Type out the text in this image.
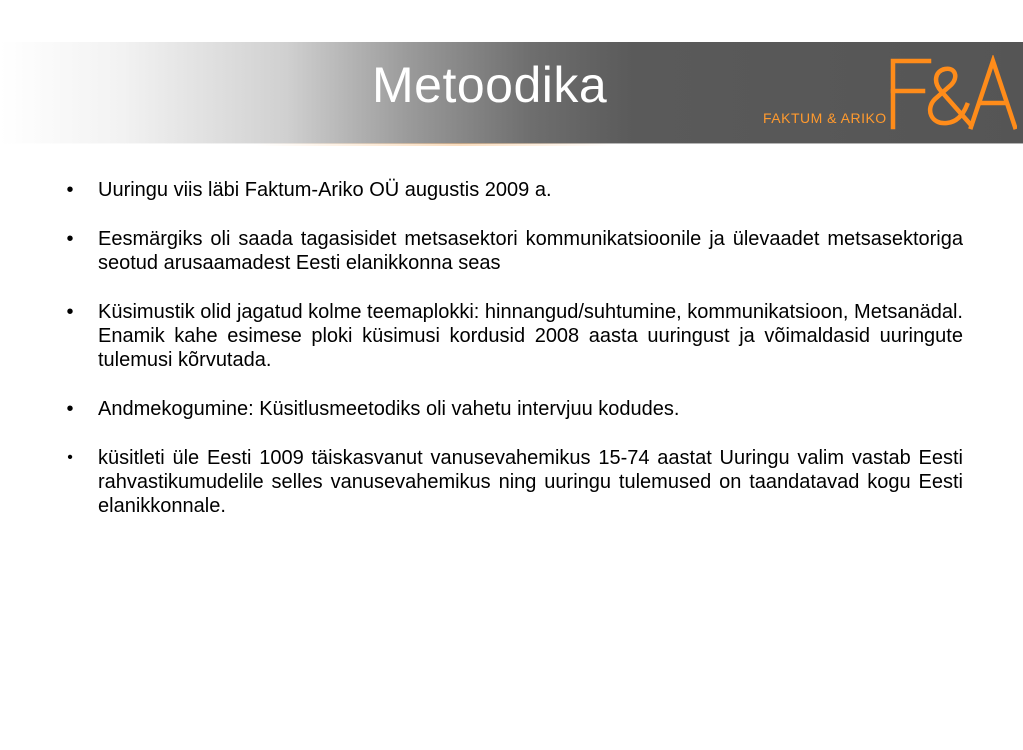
Metoodika
FAKTUM & ARIKO
•	Uuringu viis läbi Faktum-Ariko OÜ augustis 2009 a.
•	Eesmärgiks oli saada tagasisidet metsasektori kommunikatsioonile ja ülevaadet metsasektoriga seotud arusaamadest Eesti elanikkonna seas
•	Küsimustik olid jagatud kolme teemaplokki: hinnangud/suhtumine, kommunikatsioon, Metsanädal. Enamik kahe esimese ploki küsimusi kordusid 2008 aasta uuringust ja võimaldasid uuringute tulemusi kõrvutada.
•	Andmekogumine: Küsitlusmeetodiks oli vahetu intervjuu kodudes.
•	küsitleti üle Eesti 1009 täiskasvanut vanusevahemikus 15-74 aastat Uuringu valim vastab Eesti rahvastikumudelile selles vanusevahemikus ning uuringu tulemused on taandatavad kogu Eesti elanikkonnale.
